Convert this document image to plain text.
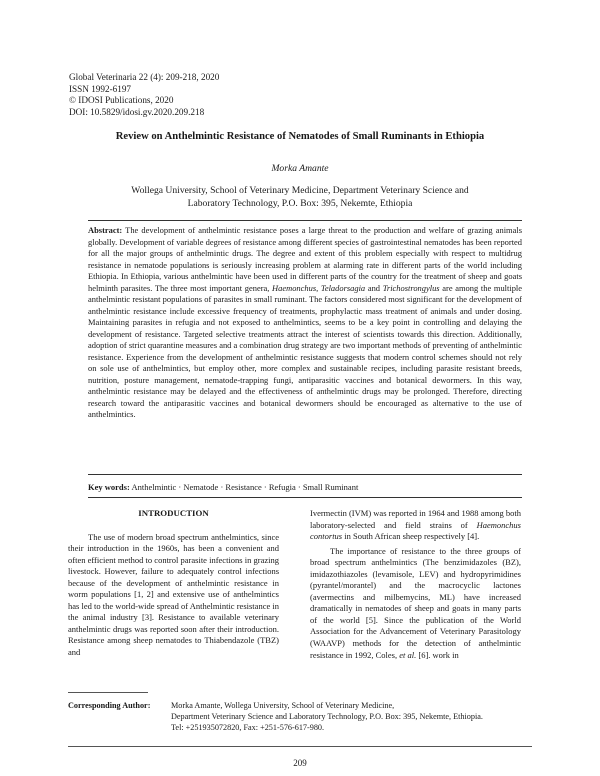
Global Veterinaria 22 (4): 209-218, 2020
ISSN 1992-6197
© IDOSI Publications, 2020
DOI: 10.5829/idosi.gv.2020.209.218
Review on Anthelmintic Resistance of Nematodes of Small Ruminants in Ethiopia
Morka Amante
Wollega University, School of Veterinary Medicine, Department Veterinary Science and
Laboratory Technology, P.O. Box: 395, Nekemte, Ethiopia
Abstract: The development of anthelmintic resistance poses a large threat to the production and welfare of grazing animals globally. Development of variable degrees of resistance among different species of gastrointestinal nematodes has been reported for all the major groups of anthelmintic drugs. The degree and extent of this problem especially with respect to multidrug resistance in nematode populations is seriously increasing problem at alarming rate in different parts of the world including Ethiopia. In Ethiopia, various anthelmintic have been used in different parts of the country for the treatment of sheep and goats helminth parasites. The three most important genera, Haemonchus, Teladorsagia and Trichostrongylus are among the multiple anthelmintic resistant populations of parasites in small ruminant. The factors considered most significant for the development of anthelmintic resistance include excessive frequency of treatments, prophylactic mass treatment of animals and under dosing. Maintaining parasites in refugia and not exposed to anthelmintics, seems to be a key point in controlling and delaying the development of resistance. Targeted selective treatments attract the interest of scientists towards this direction. Additionally, adoption of strict quarantine measures and a combination drug strategy are two important methods of preventing of anthelmintic resistance. Experience from the development of anthelmintic resistance suggests that modern control schemes should not rely on sole use of anthelmintics, but employ other, more complex and sustainable recipes, including parasite resistant breeds, nutrition, posture management, nematode-trapping fungi, antiparasitic vaccines and botanical dewormers. In this way, anthelmintic resistance may be delayed and the effectiveness of anthelmintic drugs may be prolonged. Therefore, directing research toward the antiparasitic vaccines and botanical dewormers should be encouraged as alternative to the use of anthelmintics.
Key words: Anthelmintic · Nematode · Resistance · Refugia · Small Ruminant
INTRODUCTION

The use of modern broad spectrum anthelmintics, since their introduction in the 1960s, has been a convenient and often efficient method to control parasite infections in grazing livestock. However, failure to adequately control infections because of the development of anthelmintic resistance in worm populations [1, 2] and extensive use of anthelmintics has led to the world-wide spread of Anthelmintic resistance in the animal industry [3]. Resistance to available veterinary anthelmintic drugs was reported soon after their introduction. Resistance among sheep nematodes to Thiabendazole (TBZ) and

Ivermectin (IVM) was reported in 1964 and 1988 among both laboratory-selected and field strains of Haemonchus contortus in South African sheep respectively [4].

The importance of resistance to the three groups of broad spectrum anthelmintics (The benzimidazoles (BZ), imidazothiazoles (levamisole, LEV) and hydropyrimidines (pyrantel/morantel) and the macrocyclic lactones (avermectins and milbemycins, ML) have increased dramatically in nematodes of sheep and goats in many parts of the world [5]. Since the publication of the World Association for the Advancement of Veterinary Parasitology (WAAVP) methods for the detection of anthelmintic resistance in 1992, Coles, et al. [6]. work in

Corresponding Author:	Morka Amante, Wollega University, School of Veterinary Medicine,
Department Veterinary Science and Laboratory Technology, P.O. Box: 395, Nekemte, Ethiopia.
Tel: +251935072820, Fax: +251-576-617-980.
209
